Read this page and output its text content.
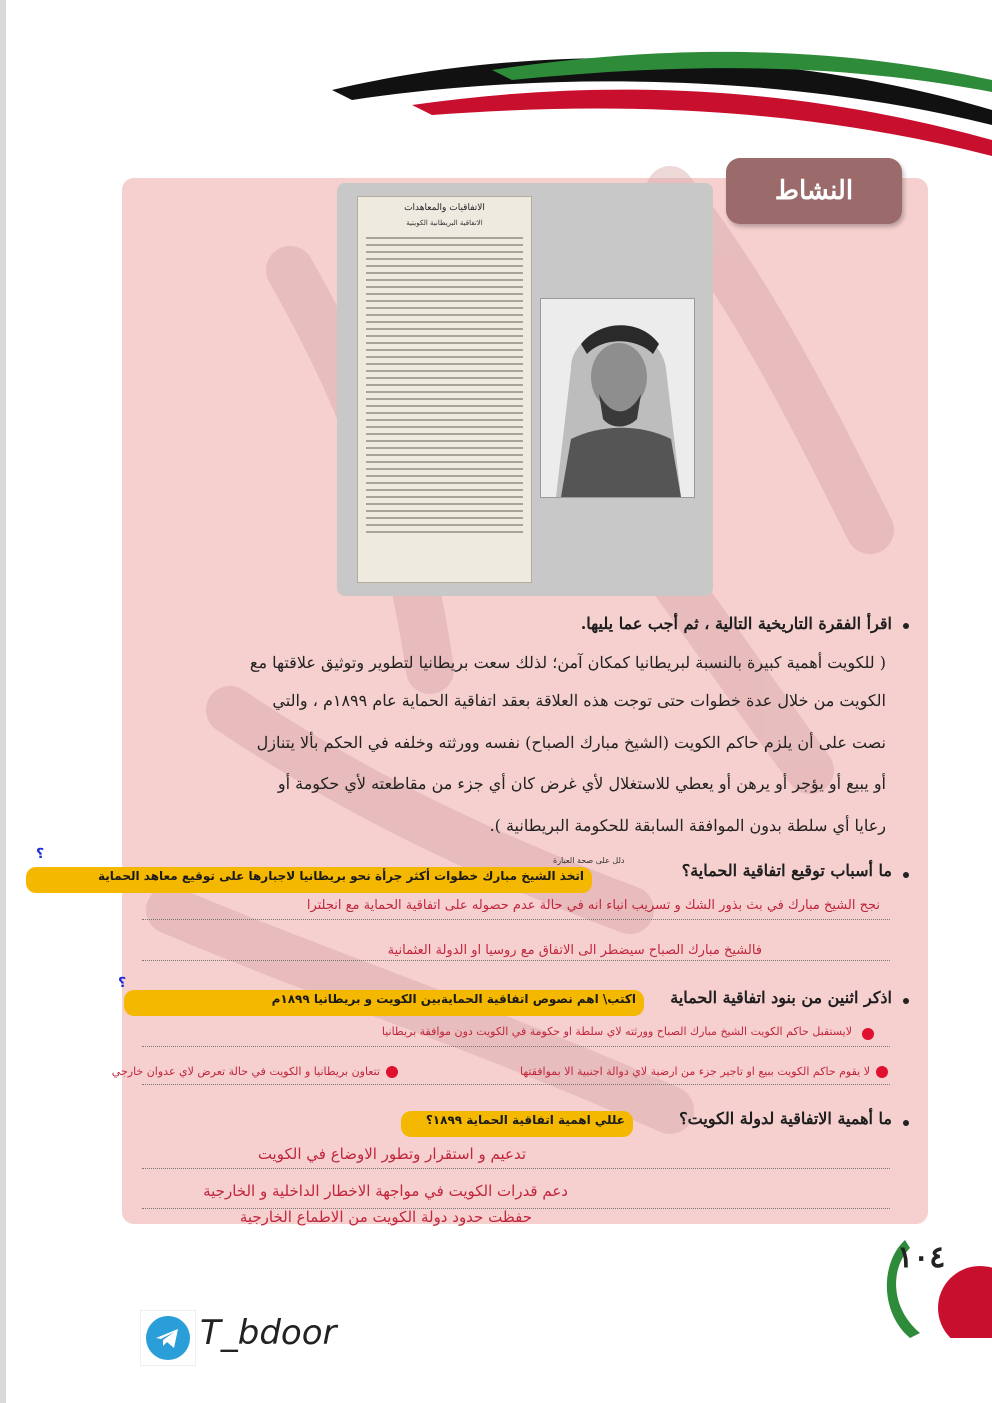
النشاط
الاتفاقيات والمعاهدات
الاتفاقية البريطانية الكويتية
اقرأ الفقرة التاريخية التالية ، ثم أجب عما يليها.
( للكويت أهمية كبيرة بالنسبة لبريطانيا كمكان آمن؛ لذلك سعت بريطانيا لتطوير وتوثيق علاقتها مع
الكويت من خلال عدة خطوات حتى توجت هذه العلاقة بعقد اتفاقية الحماية عام ١٨٩٩م ، والتي
نصت على أن يلزم حاكم الكويت (الشيخ مبارك الصباح) نفسه وورثته وخلفه في الحكم بألا يتنازل
أو يبيع أو يؤجر أو يرهن أو يعطي للاستغلال لأي غرض كان أي جزء من مقاطعته لأي حكومة أو
رعايا أي سلطة بدون الموافقة السابقة للحكومة البريطانية ).
؟	دلل على صحة العبارة
ما أسباب توقيع اتفاقية الحماية؟
اتخذ الشيخ مبارك خطوات أكثر جرأة نحو بريطانيا لاجبارها على توقيع معاهد الحماية
نجح الشيخ مبارك في بث بذور الشك و تسريب انباء انه في حالة عدم حصوله على اتفاقية الحماية مع انجلترا
فالشيخ مبارك الصباح سيضطر الى الاتفاق مع روسيا او الدولة العثمانية
؟
اذكر اثنين من بنود اتفاقية الحماية
اكتب\ اهم نصوص اتفاقية الحمايةبين الكويت و بريطانيا ١٨٩٩م
لايستقبل حاكم الكويت الشيخ مبارك الصباح وورثته لاي سلطة او حكومة في الكويت دون موافقة بريطانيا
لا يقوم حاكم الكويت ببيع او تاجير جزء من ارضية لاي دوالة اجنبية الا بموافقتها
تتعاون بريطانيا و الكويت في حالة تعرض لاي عدوان خارجي
ما أهمية الاتفاقية لدولة الكويت؟
عللي اهمية اتفاقية الحماية ١٨٩٩؟
تدعيم و استقرار وتطور الاوضاع في الكويت
دعم قدرات الكويت في مواجهة الاخطار الداخلية و الخارجية
حفظت حدود دولة الكويت من الاطماع الخارجية
١٠٤
T_bdoor
